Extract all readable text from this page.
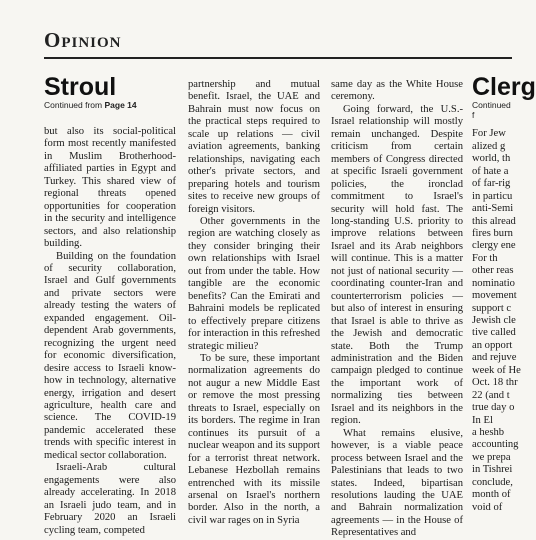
Opinion
Stroul
Continued from Page 14

but also its social-political form most recently manifested in Muslim Brotherhood-affiliated parties in Egypt and Turkey. This shared view of regional threats opened opportunities for cooperation in the security and intelligence sectors, and also relationship building.

Building on the foundation of security collaboration, Israel and Gulf governments and private sectors were already testing the waters of expanded engagement. Oil-dependent Arab governments, recognizing the urgent need for economic diversification, desire access to Israeli know-how in technology, alternative energy, irrigation and desert agriculture, health care and science. The COVID-19 pandemic accelerated these trends with specific interest in medical sector collaboration.

Israeli-Arab cultural engagements were also already accelerating. In 2018 an Israeli judo team, and in February 2020 an Israeli cycling team, competed

partnership and mutual benefit. Israel, the UAE and Bahrain must now focus on the practical steps required to scale up relations — civil aviation agreements, banking relationships, navigating each other's private sectors, and preparing hotels and tourism sites to receive new groups of foreign visitors.

Other governments in the region are watching closely as they consider bringing their own relationships with Israel out from under the table. How tangible are the economic benefits? Can the Emirati and Bahraini models be replicated to effectively prepare citizens for interaction in this refreshed strategic milieu?

To be sure, these important normalization agreements do not augur a new Middle East or remove the most pressing threats to Israel, especially on its borders. The regime in Iran continues its pursuit of a nuclear weapon and its support for a terrorist threat network. Lebanese Hezbollah remains entrenched with its missile arsenal on Israel's northern border. Also in the north, a civil war rages on in Syria

same day as the White House ceremony.

Going forward, the U.S.-Israel relationship will mostly remain unchanged. Despite criticism from certain members of Congress directed at specific Israeli government policies, the ironclad commitment to Israel's security will hold fast. The long-standing U.S. priority to improve relations between Israel and its Arab neighbors will continue. This is a matter not just of national security — coordinating counter-Iran and counterterrorism policies — but also of interest in ensuring that Israel is able to thrive as the Jewish and democratic state. Both the Trump administration and the Biden campaign pledged to continue the important work of normalizing ties between Israel and its neighbors in the region.

What remains elusive, however, is a viable peace process between Israel and the Palestinians that leads to two states. Indeed, bipartisan resolutions lauding the UAE and Bahrain normalization agreements — in the House of Representatives and

Clerg
Continued f
For Jew
alized g
world, th
of hate a
of far-rig
in particu
anti-Semi
this alread
fires burn
clergy ene
For th
other reas
nominatio
movement
support c
Jewish cle
tive called
an opport
and rejuve
week of He
Oct. 18 thr
22 (and t
true day o
In El
a heshb
accounting
we prepa
in Tishrei
conclude,
month of
void of
